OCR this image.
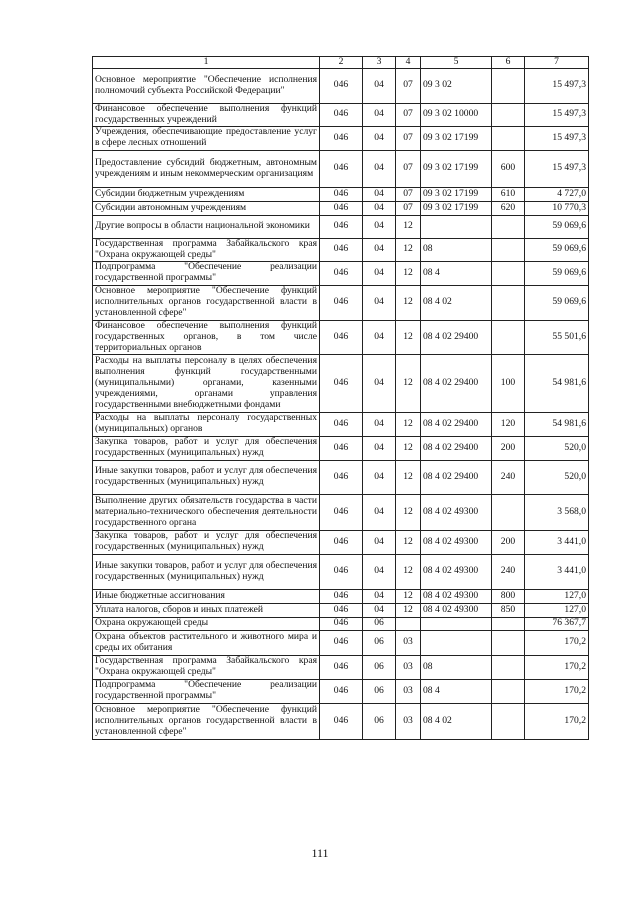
1	2	3	4	5	6	7
Основное мероприятие "Обеспечение исполнения полномочий субъекта Российской Федерации"	046	04	07	09 3 02		15 497,3
Финансовое обеспечение выполнения функций государственных учреждений	046	04	07	09 3 02 10000		15 497,3
Учреждения, обеспечивающие предоставление услуг в сфере лесных отношений	046	04	07	09 3 02 17199		15 497,3
Предоставление субсидий бюджетным, автономным учреждениям и иным некоммерческим организациям	046	04	07	09 3 02 17199	600	15 497,3
Субсидии бюджетным учреждениям	046	04	07	09 3 02 17199	610	4 727,0
Субсидии автономным учреждениям	046	04	07	09 3 02 17199	620	10 770,3
Другие вопросы в области национальной экономики	046	04	12			59 069,6
Государственная программа Забайкальского края "Охрана окружающей среды"	046	04	12	08		59 069,6
Подпрограмма "Обеспечение реализации государственной программы"	046	04	12	08 4		59 069,6
Основное мероприятие "Обеспечение функций исполнительных органов государственной власти в установленной сфере"	046	04	12	08 4 02		59 069,6
Финансовое обеспечение выполнения функций государственных органов, в том числе территориальных органов	046	04	12	08 4 02 29400		55 501,6
Расходы на выплаты персоналу в целях обеспечения выполнения функций государственными (муниципальными) органами, казенными учреждениями, органами управления государственными внебюджетными фондами	046	04	12	08 4 02 29400	100	54 981,6
Расходы на выплаты персоналу государственных (муниципальных) органов	046	04	12	08 4 02 29400	120	54 981,6
Закупка товаров, работ и услуг для обеспечения государственных (муниципальных) нужд	046	04	12	08 4 02 29400	200	520,0
Иные закупки товаров, работ и услуг для обеспечения государственных (муниципальных) нужд	046	04	12	08 4 02 29400	240	520,0
Выполнение других обязательств государства в части материально-технического обеспечения деятельности государственного органа	046	04	12	08 4 02 49300		3 568,0
Закупка товаров, работ и услуг для обеспечения государственных (муниципальных) нужд	046	04	12	08 4 02 49300	200	3 441,0
Иные закупки товаров, работ и услуг для обеспечения государственных (муниципальных) нужд	046	04	12	08 4 02 49300	240	3 441,0
Иные бюджетные ассигнования	046	04	12	08 4 02 49300	800	127,0
Уплата налогов, сборов и иных платежей	046	04	12	08 4 02 49300	850	127,0
Охрана окружающей среды	046	06				76 367,7
Охрана объектов растительного и животного мира и среды их обитания	046	06	03			170,2
Государственная программа Забайкальского края "Охрана окружающей среды"	046	06	03	08		170,2
Подпрограмма "Обеспечение реализации государственной программы"	046	06	03	08 4		170,2
Основное мероприятие "Обеспечение функций исполнительных органов государственной власти в установленной сфере"	046	06	03	08 4 02		170,2
111
